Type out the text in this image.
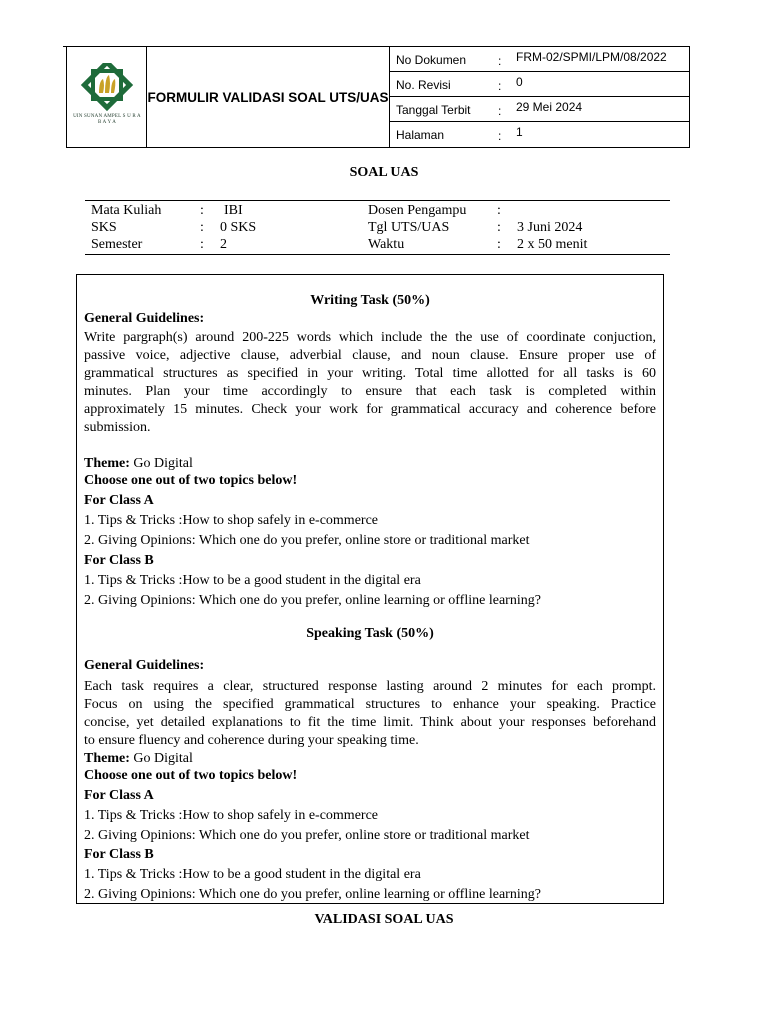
UIN SUNAN AMPEL S U R A B A Y A
FORMULIR VALIDASI SOAL UTS/UAS
No Dokumen	: FRM-02/SPMI/LPM/08/2022
No. Revisi	: 0
Tanggal Terbit : 29 Mei 2024
Halaman	: 1
SOAL UAS
Mata Kuliah	: IBI	Dosen Pengampu :
SKS	: 0 SKS	Tgl UTS/UAS	: 3 Juni 2024
Semester	: 2	Waktu	: 2 x 50 menit
Writing Task (50%)
General Guidelines:
Write pargraph(s) around 200-225 words which include the the use of coordinate conjuction,
passive voice, adjective clause, adverbial clause, and noun clause. Ensure proper use of
grammatical structures as specified in your writing. Total time allotted for all tasks is 60
minutes. Plan your time accordingly to ensure that each task is completed within
approximately 15 minutes. Check your work for grammatical accuracy and coherence before
submission.
Theme: Go Digital
Choose one out of two topics below!
For Class A
1. Tips & Tricks :How to shop safely in e-commerce
2. Giving Opinions: Which one do you prefer, online store or traditional market
For Class B
1. Tips & Tricks :How to be a good student in the digital era
2. Giving Opinions: Which one do you prefer, online learning or offline learning?
Speaking Task (50%)
General Guidelines:
Each task requires a clear, structured response lasting around 2 minutes for each prompt.
Focus on using the specified grammatical structures to enhance your speaking. Practice
concise, yet detailed explanations to fit the time limit. Think about your responses beforehand
to ensure fluency and coherence during your speaking time.
Theme: Go Digital
Choose one out of two topics below!
For Class A
1. Tips & Tricks :How to shop safely in e-commerce
2. Giving Opinions: Which one do you prefer, online store or traditional market
For Class B
1. Tips & Tricks :How to be a good student in the digital era
2. Giving Opinions: Which one do you prefer, online learning or offline learning?
VALIDASI SOAL UAS
